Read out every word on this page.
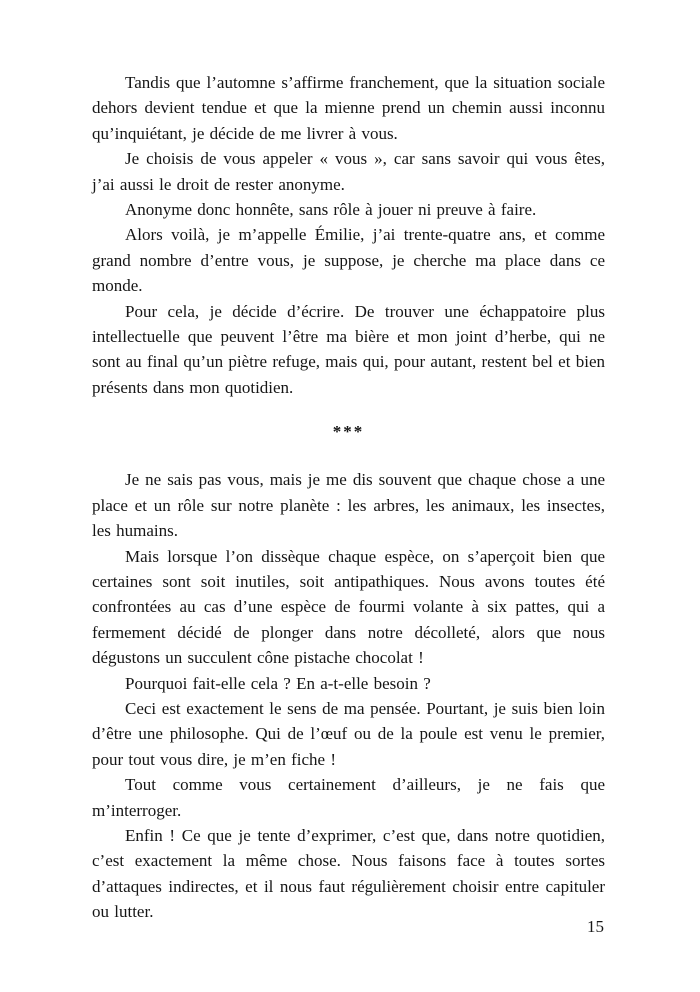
Tandis que l’automne s’affirme franchement, que la situation sociale dehors devient tendue et que la mienne prend un chemin aussi inconnu qu’inquiétant, je décide de me livrer à vous.

Je choisis de vous appeler « vous », car sans savoir qui vous êtes, j’ai aussi le droit de rester anonyme.

Anonyme donc honnête, sans rôle à jouer ni preuve à faire.

Alors voilà, je m’appelle Émilie, j’ai trente-quatre ans, et comme grand nombre d’entre vous, je suppose, je cherche ma place dans ce monde.

Pour cela, je décide d’écrire. De trouver une échappatoire plus intellectuelle que peuvent l’être ma bière et mon joint d’herbe, qui ne sont au final qu’un piètre refuge, mais qui, pour autant, restent bel et bien présents dans mon quotidien.

***

Je ne sais pas vous, mais je me dis souvent que chaque chose a une place et un rôle sur notre planète : les arbres, les animaux, les insectes, les humains.

Mais lorsque l’on dissèque chaque espèce, on s’aperçoit bien que certaines sont soit inutiles, soit antipathiques. Nous avons toutes été confrontées au cas d’une espèce de fourmi volante à six pattes, qui a fermement décidé de plonger dans notre décolleté, alors que nous dégustons un succulent cône pistache chocolat !

Pourquoi fait-elle cela ? En a-t-elle besoin ?

Ceci est exactement le sens de ma pensée. Pourtant, je suis bien loin d’être une philosophe. Qui de l’œuf ou de la poule est venu le premier, pour tout vous dire, je m’en fiche !

Tout comme vous certainement d’ailleurs, je ne fais que m’interroger.

Enfin ! Ce que je tente d’exprimer, c’est que, dans notre quotidien, c’est exactement la même chose. Nous faisons face à toutes sortes d’attaques indirectes, et il nous faut régulièrement choisir entre capituler ou lutter.

15
